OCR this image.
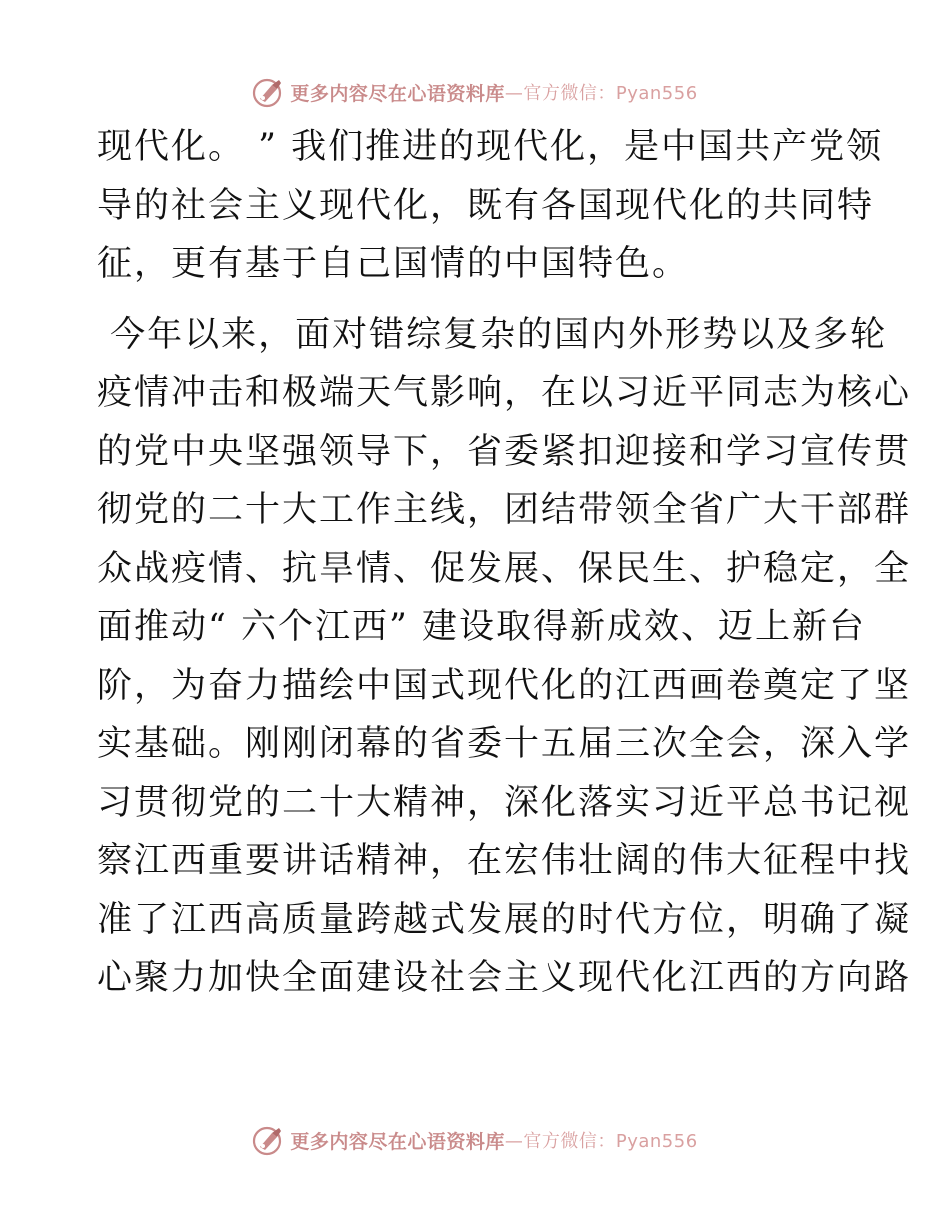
更多内容尽在心语资料库 —官方微信：Pyan556
现代化。 ” 我们推进的现代化，是中国共产党领
导的社会主义现代化，既有各国现代化的共同特
征，更有基于自己国情的中国特色。
今年以来，面对错综复杂的国内外形势以及多轮
疫情冲击和极端天气影响，在以习近平同志为核心
的党中央坚强领导下，省委紧扣迎接和学习宣传贯
彻党的二十大工作主线，团结带领全省广大干部群
众战疫情、抗旱情、促发展、保民生、护稳定，全
面推动“ 六个江西” 建设取得新成效、迈上新台
阶，为奋力描绘中国式现代化的江西画卷奠定了坚
实基础。刚刚闭幕的省委十五届三次全会，深入学
习贯彻党的二十大精神，深化落实习近平总书记视
察江西重要讲话精神，在宏伟壮阔的伟大征程中找
准了江西高质量跨越式发展的时代方位，明确了凝
心聚力加快全面建设社会主义现代化江西的方向路
更多内容尽在心语资料库 —官方微信：Pyan556
